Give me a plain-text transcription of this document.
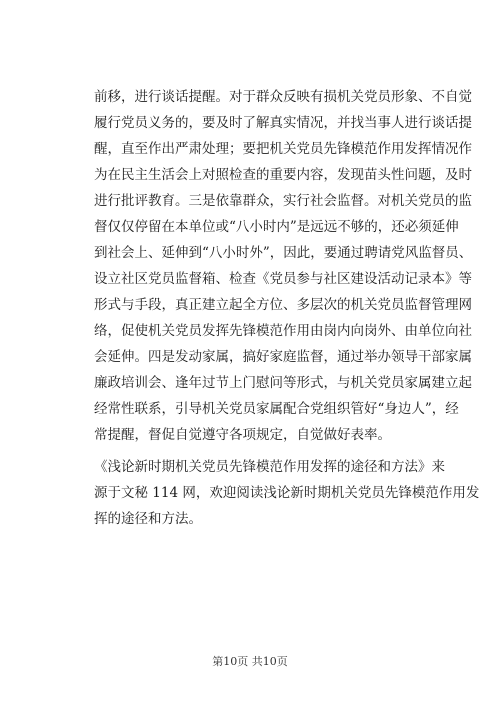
前移，进行谈话提醒。对于群众反映有损机关党员形象、不自觉
履行党员义务的，要及时了解真实情况，并找当事人进行谈话提
醒，直至作出严肃处理；要把机关党员先锋模范作用发挥情况作
为在民主生活会上对照检查的重要内容，发现苗头性问题，及时
进行批评教育。三是依靠群众，实行社会监督。对机关党员的监
督仅仅停留在本单位或“八小时内”是远远不够的，还必须延伸
到社会上、延伸到“八小时外”，因此，要通过聘请党风监督员、
设立社区党员监督箱、检查《党员参与社区建设活动记录本》等
形式与手段，真正建立起全方位、多层次的机关党员监督管理网
络，促使机关党员发挥先锋模范作用由岗内向岗外、由单位向社
会延伸。四是发动家属，搞好家庭监督，通过举办领导干部家属
廉政培训会、逢年过节上门慰问等形式，与机关党员家属建立起
经常性联系，引导机关党员家属配合党组织管好“身边人”，经
常提醒，督促自觉遵守各项规定，自觉做好表率。
《浅论新时期机关党员先锋模范作用发挥的途径和方法》来
源于文秘 114 网，欢迎阅读浅论新时期机关党员先锋模范作用发
挥的途径和方法。
第10页 共10页
